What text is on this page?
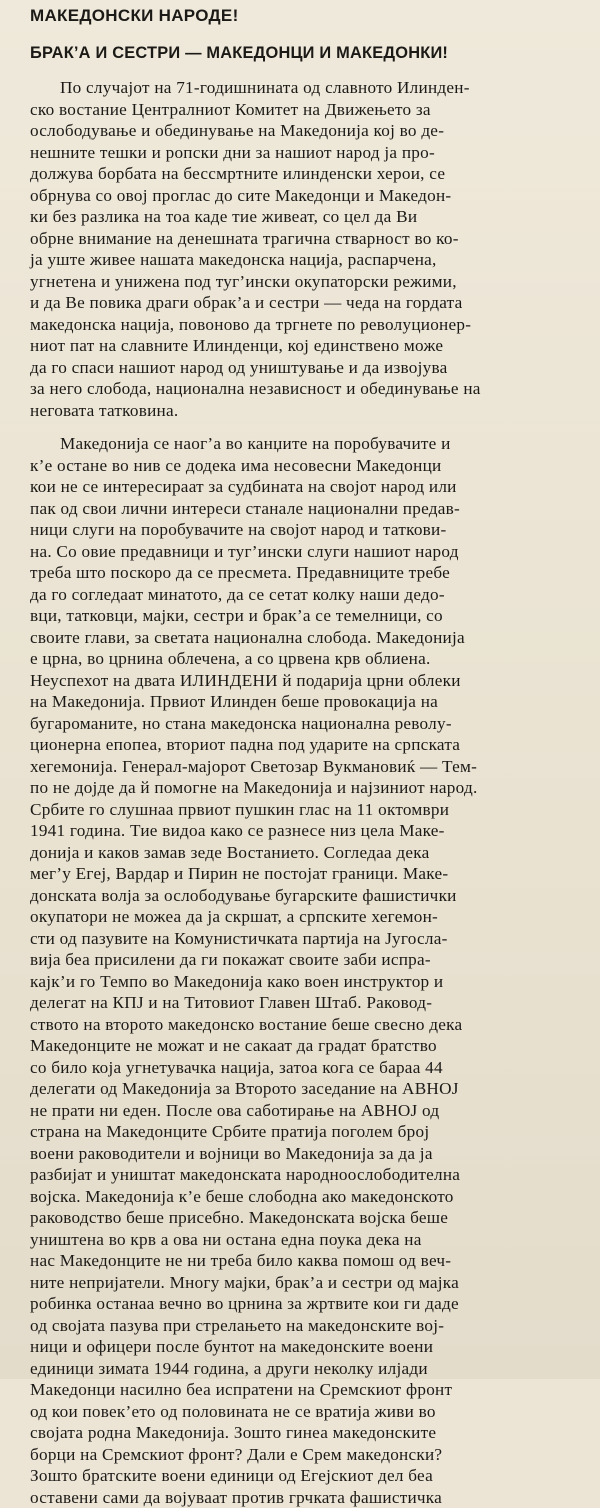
МАКЕДОНСКИ НАРОДЕ!
БРАК’А И СЕСТРИ — МАКЕДОНЦИ И МАКЕДОНКИ!
По случајот на 71-годишнината од славното Илинден-
ско востание Централниот Комитет на Движењето за
ослободување и обединување на Македонија кој во де-
нешните тешки и ропски дни за нашиот народ ја про-
должува борбата на бессмртните илинденски херои, се
обрнува со овој проглас до сите Македонци и Македон-
ки без разлика на тоа каде тие живеат, со цел да Ви
обрне внимание на денешната трагична стварност во ко-
ја уште живее нашата македонска нација, распарчена,
угнетена и унижена под туг’ински окупаторски режими,
и да Ве повика драги обрак’а и сестри — чеда на гордата
македонска нација, повоново да тргнете по револуционер-
ниот пат на славните Илинденци, кој единствено може
да го спаси нашиот народ од уништување и да извојува
за него слобода, национална независност и обединување на
неговата татковина.
Македонија се наог’а во канџите на поробувачите и
к’е остане во нив се додека има несовесни Македонци
кои не се интересираат за судбината на својот народ или
пак од свои лични интереси станале национални предав-
ници слуги на поробувачите на својот народ и таткови-
на. Со овие предавници и туг’ински слуги нашиот народ
треба што поскоро да се пресмета. Предавниците требе
да го согледаат минатото, да се сетат колку наши дедо-
вци, татковци, маjки, сестри и брак’а се темелници, со
своите глави, за светата национална слобода. Македонија
е црна, во црнина облечена, а со црвена крв облиена.
Неуспехот на двата ИЛИНДЕНИ й подарија црни облеки
на Македонија. Првиот Илинден беше провокација на
бугароманите, но стана македонска национална револу-
ционерна епопеа, вториот падна под ударите на српската
хегемонија. Генерал-мајорот Светозар Вукмановиќ — Тем-
по не дојде да й помогне на Македонија и најзиниот народ.
Србите го слушнаа првиот пушкин глас на 11 октомври
1941 година. Тие видоа како се разнесе низ цела Маке-
донија и каков замав зеде Востанието. Согледаа дека
мег’у Егеј, Вардар и Пирин не постојат граници. Маке-
донската волја за ослободување бугарските фашистички
окупатори не можеа да ја скршат, а српските хегемон-
сти од пазувите на Комунистичката партија на Југосла-
вија беа присилени да ги покажат своите заби испра-
кајк’и го Темпо во Македонија како воен инструктор и
делегат на КПЈ и на Титовиот Главен Штаб. Раковод-
ството на второто македонско востание беше свесно дека
Македонците не можат и не сакаат да градат братство
со било која угнетувачка нација, затоа кога се бараа 44
делегати од Македонија за Второто заседание на АВНОЈ
не прати ни еден. После ова саботирање на АВНОЈ од
страна на Македонците Србите пратија поголем број
воени раководители и војници во Македонија за да ја
разбијат и уништат македонската народноослободителна
војска. Македонија к’е беше слободна ако македонското
раководство беше присебно. Македонската војска беше
уништена во крв а ова ни остана една поука дека на
нас Македонците не ни треба било каква помош од веч-
ните непријатели. Многу мајки, брак’а и сестри од мајка
робинка останаа вечно во црнина за жртвите кои ги даде
од својата пазува при стрелањето на македонските вој-
ници и офицери после бунтот на македонските воени
единици зимата 1944 година, а други неколку илјади
Македонци насилно беа испратени на Сремскиот фронт
од кои повек’ето од половината не се вратија живи во
својата родна Македонија. Зошто гинеа македонските
борци на Сремскиот фронт? Дали е Срем македонски?
Зошто братските воени единици од Егејскиот дел беа
оставени сами да војуваат против грчката фашистичка
